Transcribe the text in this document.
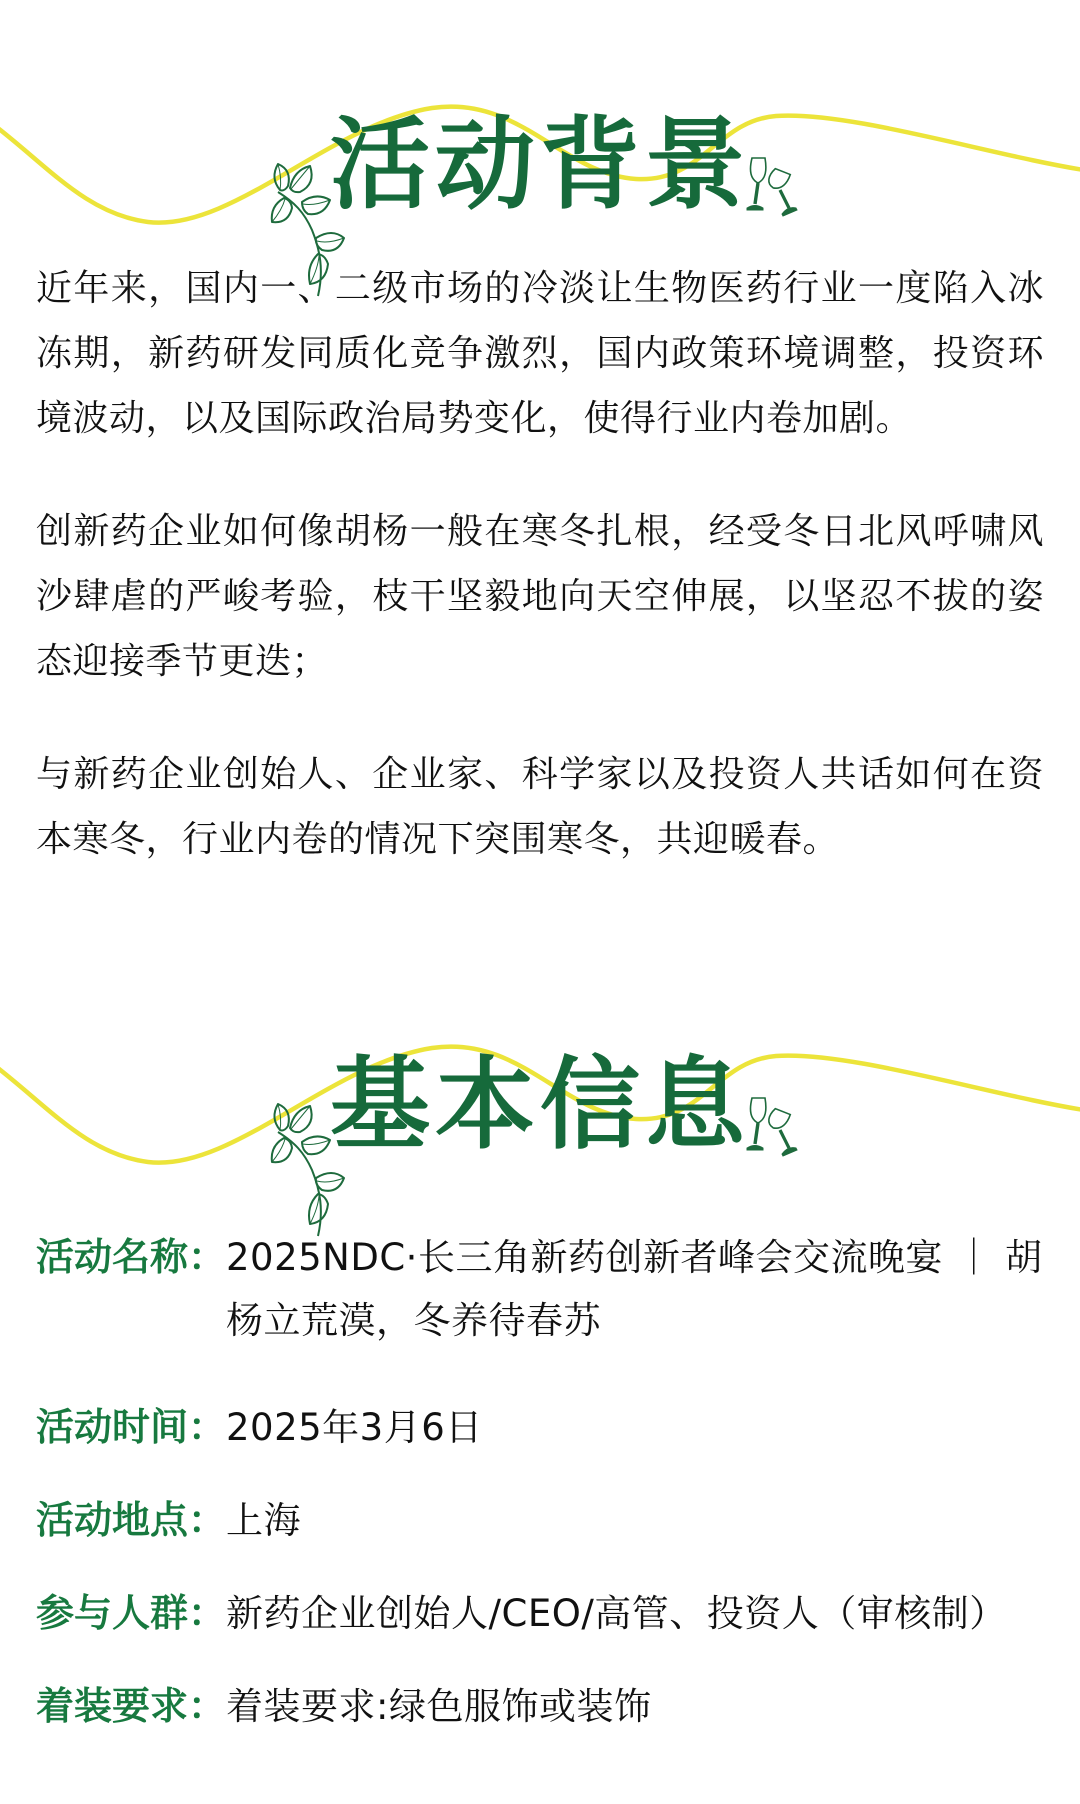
活动背景

近年来，国内一、二级市场的冷淡让生物医药行业一度陷入冰冻期，新药研发同质化竞争激烈，国内政策环境调整，投资环境波动，以及国际政治局势变化，使得行业内卷加剧。

创新药企业如何像胡杨一般在寒冬扎根，经受冬日北风呼啸风沙肆虐的严峻考验，枝干坚毅地向天空伸展，以坚忍不拔的姿态迎接季节更迭；

与新药企业创始人、企业家、科学家以及投资人共话如何在资本寒冬，行业内卷的情况下突围寒冬，共迎暖春。

基本信息
活动名称： 2025NDC·长三角新药创新者峰会交流晚宴 ｜ 胡杨立荒漠，冬养待春苏
活动时间： 2025年3月6日
活动地点： 上海
参与人群： 新药企业创始人/CEO/高管、投资人（审核制）
着装要求： 着装要求:绿色服饰或装饰
